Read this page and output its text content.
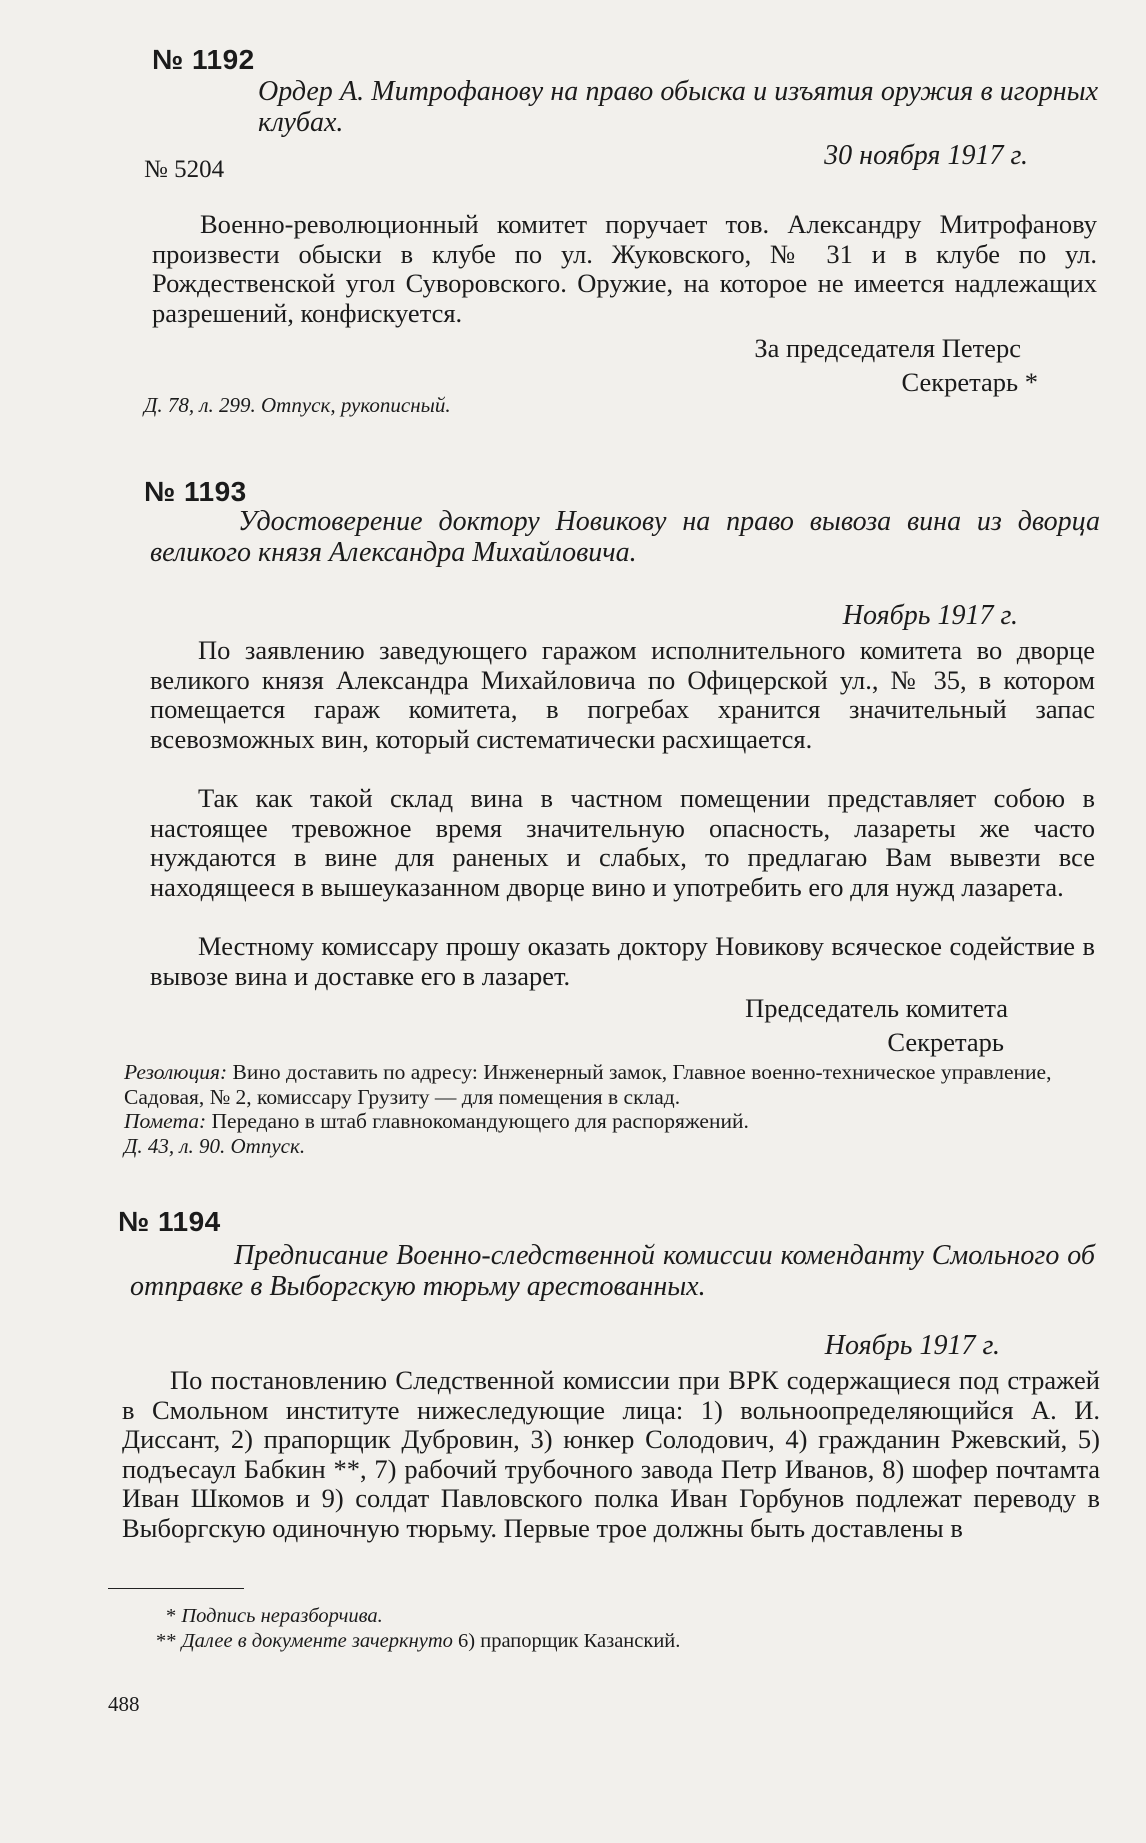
№ 1192

Ордер А. Митрофанову на право обыска и изъятия оружия в игорных клубах.

№ 5204	30 ноября 1917 г.

Военно-революционный комитет поручает тов. Александру Митрофанову произвести обыски в клубе по ул. Жуковского, № 31 и в клубе по ул. Рождественской угол Суворовского. Оружие, на которое не имеется надлежащих разрешений, конфискуется.

За председателя Петерс
Секретарь *
Д. 78, л. 299. Отпуск, рукописный.
№ 1193

Удостоверение доктору Новикову на право вывоза вина из дворца великого князя Александра Михайловича.

Ноябрь 1917 г.

По заявлению заведующего гаражом исполнительного комитета во дворце великого князя Александра Михайловича по Офицерской ул., № 35, в котором помещается гараж комитета, в погребах хранится значительный запас всевозможных вин, который систематически расхищается.

Так как такой склад вина в частном помещении представляет собою в настоящее тревожное время значительную опасность, лазареты же часто нуждаются в вине для раненых и слабых, то предлагаю Вам вывезти все находящееся в вышеуказанном дворце вино и употребить его для нужд лазарета.

Местному комиссару прошу оказать доктору Новикову всяческое содействие в вывозе вина и доставке его в лазарет.

Председатель комитета
Секретарь

Резолюция: Вино доставить по адресу: Инженерный замок, Главное военно-техническое управление, Садовая, № 2, комиссару Грузиту — для помещения в склад.
Помета: Передано в штаб главнокомандующего для распоряжений.

Д. 43, л. 90. Отпуск.
№ 1194

Предписание Военно-следственной комиссии коменданту Смольного об отправке в Выборгскую тюрьму арестованных.

Ноябрь 1917 г.

По постановлению Следственной комиссии при ВРК содержащиеся под стражей в Смольном институте нижеследующие лица: 1) вольноопределяющийся А. И. Диссант, 2) прапорщик Дубровин, 3) юнкер Солодович, 4) гражданин Ржевский, 5) подъесаул Бабкин **, 7) рабочий трубочного завода Петр Иванов, 8) шофер почтамта Иван Шкомов и 9) солдат Павловского полка Иван Горбунов подлежат переводу в Выборгскую одиночную тюрьму. Первые трое должны быть доставлены в

* Подпись неразборчива.
** Далее в документе зачеркнуто 6) прапорщик Казанский.
488
